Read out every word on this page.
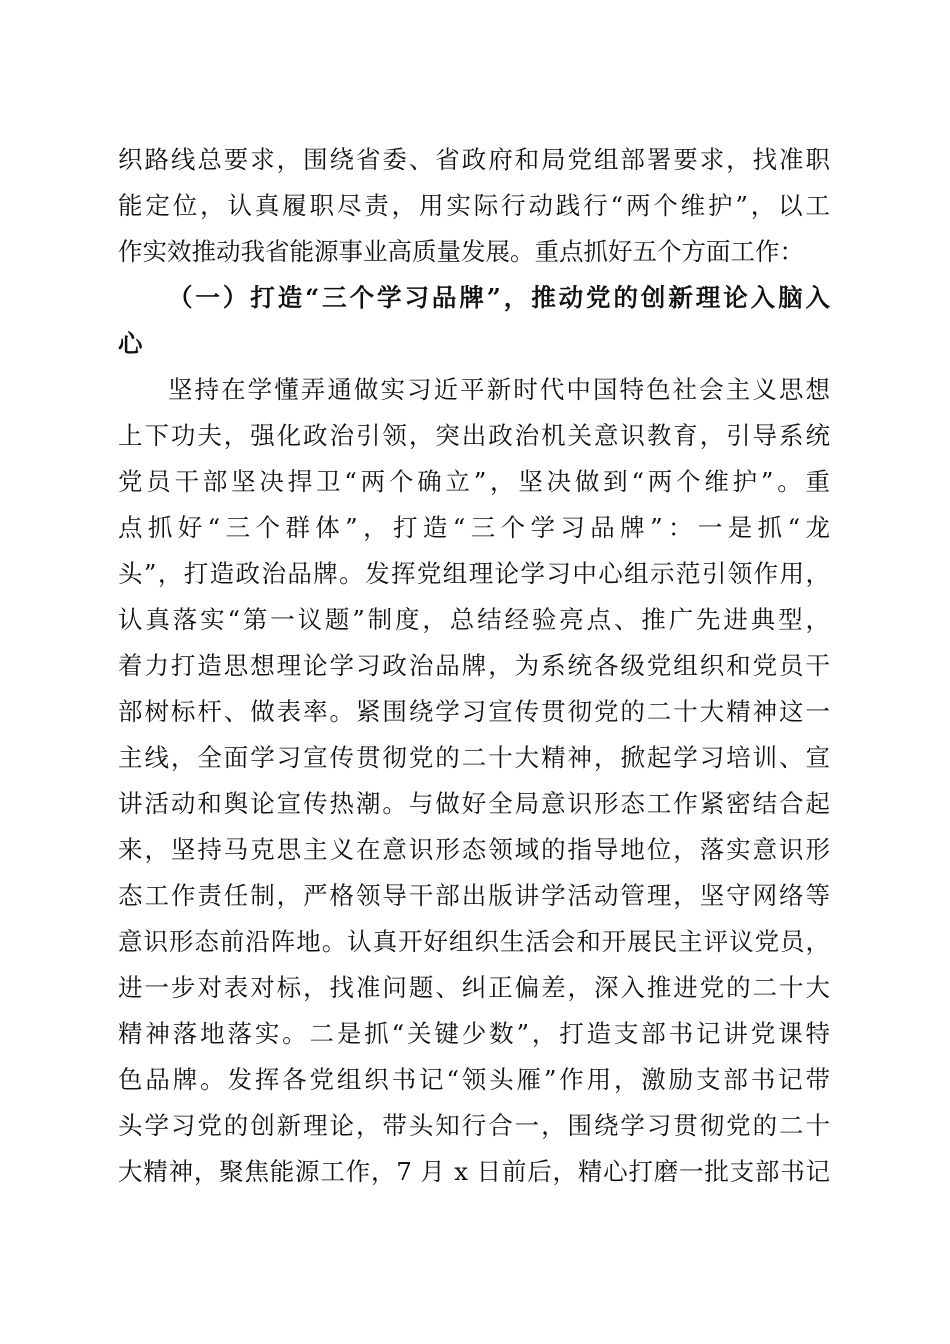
织路线总要求，围绕省委、省政府和局党组部署要求，找准职
能定位，认真履职尽责，用实际行动践行“两个维护”，以工
作实效推动我省能源事业高质量发展。重点抓好五个方面工作：
（一）打造“三个学习品牌”，推动党的创新理论入脑入
心
坚持在学懂弄通做实习近平新时代中国特色社会主义思想
上下功夫，强化政治引领，突出政治机关意识教育，引导系统
党员干部坚决捍卫“两个确立”，坚决做到“两个维护”。重
点抓好“三个群体”，打造“三个学习品牌”：一是抓“龙
头”，打造政治品牌。发挥党组理论学习中心组示范引领作用，
认真落实“第一议题”制度，总结经验亮点、推广先进典型，
着力打造思想理论学习政治品牌，为系统各级党组织和党员干
部树标杆、做表率。紧围绕学习宣传贯彻党的二十大精神这一
主线，全面学习宣传贯彻党的二十大精神，掀起学习培训、宣
讲活动和舆论宣传热潮。与做好全局意识形态工作紧密结合起
来，坚持马克思主义在意识形态领域的指导地位，落实意识形
态工作责任制，严格领导干部出版讲学活动管理，坚守网络等
意识形态前沿阵地。认真开好组织生活会和开展民主评议党员，
进一步对表对标，找准问题、纠正偏差，深入推进党的二十大
精神落地落实。二是抓“关键少数”，打造支部书记讲党课特
色品牌。发挥各党组织书记“领头雁”作用，激励支部书记带
头学习党的创新理论，带头知行合一，围绕学习贯彻党的二十
大精神，聚焦能源工作，7 月 x 日前后，精心打磨一批支部书记
